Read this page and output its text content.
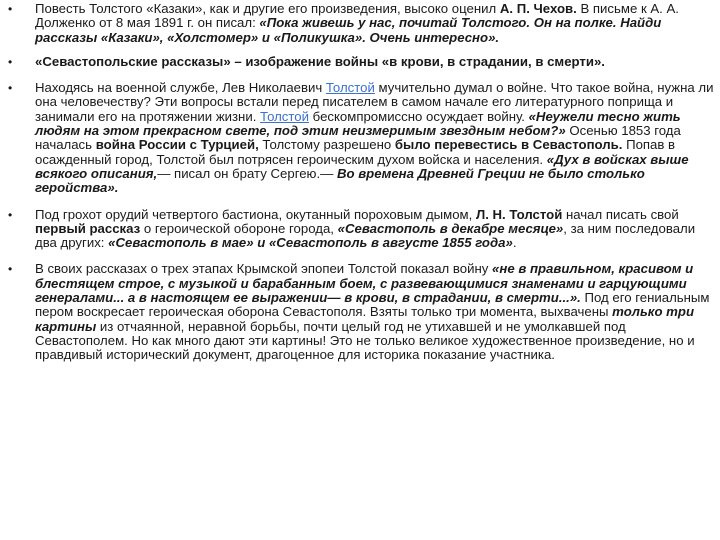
• Повесть Толстого «Казаки», как и другие его произведения, высоко оценил А. П. Чехов. В письме к А. А. Долженко от 8 мая 1891 г. он писал: «Пока живешь у нас, почитай Толстого. Он на полке. Найди рассказы «Казаки», «Холстомер» и «Поликушка». Очень интересно».
• «Севастопольские рассказы» – изображение войны «в крови, в страдании, в смерти».
• Находясь на военной службе, Лев Николаевич Толстой мучительно думал о войне. Что такое война, нужна ли она человечеству? Эти вопросы встали перед писателем в самом начале его литературного поприща и занимали его на протяжении жизни. Толстой бескомпромиссно осуждает войну. «Неужели тесно жить людям на этом прекрасном свете, под этим неизмеримым звездным небом?» Осенью 1853 года началась война России с Турцией, Толстому разрешено было перевестись в Севастополь. Попав в осажденный город, Толстой был потрясен героическим духом войска и населения. «Дух в войсках выше всякого описания,— писал он брату Сергею.— Во времена Древней Греции не было столько геройства».
• Под грохот орудий четвертого бастиона, окутанный пороховым дымом, Л. Н. Толстой начал писать свой первый рассказ о героической обороне города, «Севастополь в декабре месяце», за ним последовали два других: «Севастополь в мае» и «Севастополь в августе 1855 года».
• В своих рассказах о трех этапах Крымской эпопеи Толстой показал войну «не в правильном, красивом и блестящем строе, с музыкой и барабанным боем, с развевающимися знаменами и гарцующими генералами... а в настоящем ее выражении— в крови, в страдании, в смерти...». Под его гениальным пером воскресает героическая оборона Севастополя. Взяты только три момента, выхвачены только три картины из отчаянной, неравной борьбы, почти целый год не утихавшей и не умолкавшей под Севастополем. Но как много дают эти картины! Это не только великое художественное произведение, но и правдивый исторический документ, драгоценное для историка показание участника.
